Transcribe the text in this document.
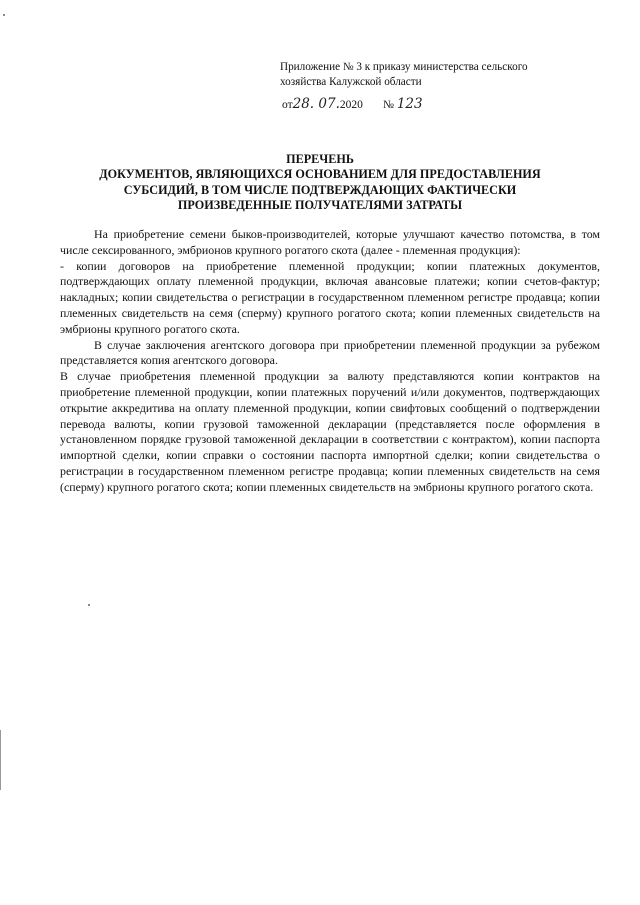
Приложение № 3 к приказу министерства сельского
хозяйства Калужской области
от28. 07.2020 № 123
ПЕРЕЧЕНЬ
ДОКУМЕНТОВ, ЯВЛЯЮЩИХСЯ ОСНОВАНИЕМ ДЛЯ ПРЕДОСТАВЛЕНИЯ
СУБСИДИЙ, В ТОМ ЧИСЛЕ ПОДТВЕРЖДАЮЩИХ ФАКТИЧЕСКИ
ПРОИЗВЕДЕННЫЕ ПОЛУЧАТЕЛЯМИ ЗАТРАТЫ

На приобретение семени быков-производителей, которые улучшают качество потомства, в том числе сексированного, эмбрионов крупного рогатого скота (далее - племенная продукция):

- копии договоров на приобретение племенной продукции; копии платежных документов, подтверждающих оплату племенной продукции, включая авансовые платежи; копии счетов-фактур; накладных; копии свидетельства о регистрации в государственном племенном регистре продавца; копии племенных свидетельств на семя (сперму) крупного рогатого скота; копии племенных свидетельств на эмбрионы крупного рогатого скота.

В случае заключения агентского договора при приобретении племенной продукции за рубежом представляется копия агентского договора.

В случае приобретения племенной продукции за валюту представляются копии контрактов на приобретение племенной продукции, копии платежных поручений и/или документов, подтверждающих открытие аккредитива на оплату племенной продукции, копии свифтовых сообщений о подтверждении перевода валюты, копии грузовой таможенной декларации (представляется после оформления в установленном порядке грузовой таможенной декларации в соответствии с контрактом), копии паспорта импортной сделки, копии справки о состоянии паспорта импортной сделки; копии свидетельства о регистрации в государственном племенном регистре продавца; копии племенных свидетельств на семя (сперму) крупного рогатого скота; копии племенных свидетельств на эмбрионы крупного рогатого скота.
